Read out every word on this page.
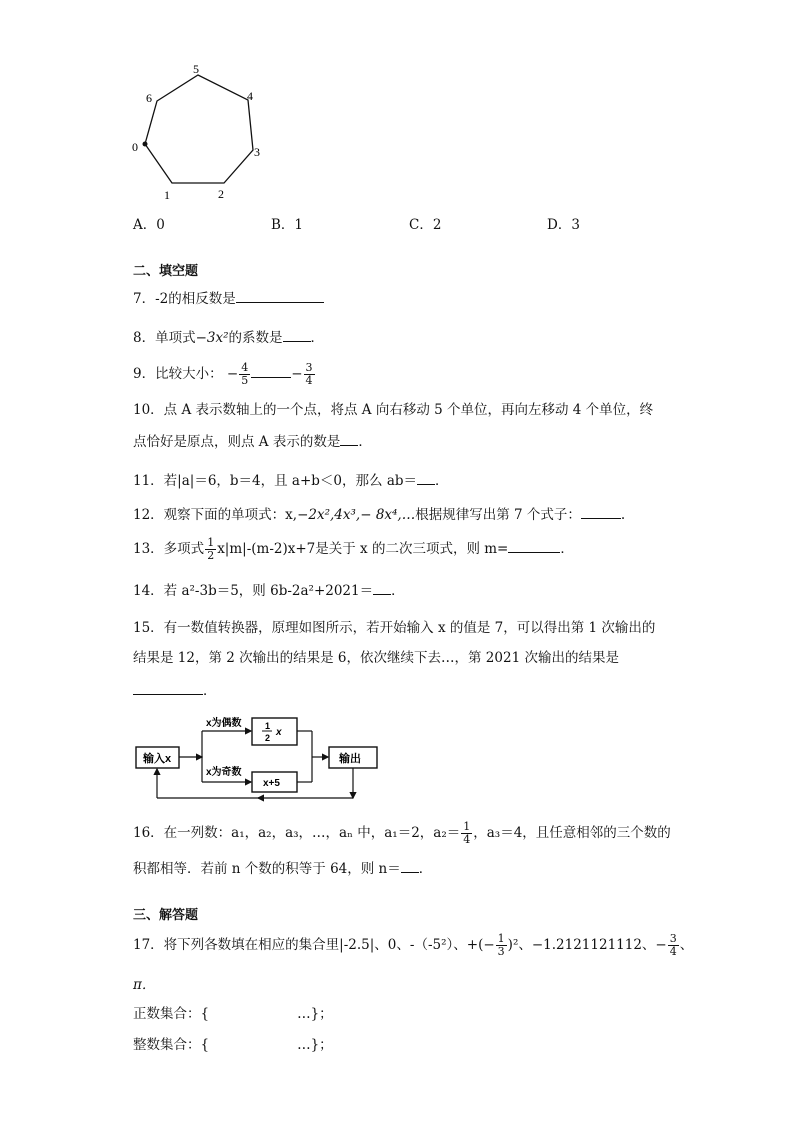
0
1	2
3
4
5
6
A．0	B．1	C．2	D．3
二、填空题
7．-2的相反数是
8．单项式−3x²的系数是 ．
9．比较大小： − $\frac{4}{5}$	− $\frac{3}{4}$
10．点 A 表示数轴上的一个点，将点 A 向右移动 5 个单位，再向左移动 4 个单位，终
点恰好是原点，则点 A 表示的数是 ．
11．若|a|＝6，b＝4，且 a+b＜0，那么 ab＝ ．
12．观察下面的单项式：x,−2x²,4x³,− 8x⁴,…根据规律写出第 7 个式子：	.
13．多项式 $\frac{1}{2} x|m|-(m-2)x+7$是关于 x 的二次三项式，则 m=	．
14．若 a²-3b＝5，则 6b-2a²+2021＝ ．
15．有一数值转换器，原理如图所示，若开始输入 x 的值是 7，可以得出第 1 次输出的
结果是 12，第 2 次输出的结果是 6，依次继续下去…，第 2021 次输出的结果是
．
输入x
1
2 x
x+5
输出
x为偶数
x为奇数
16．在一列数：a₁，a₂，a₃，…，aₙ 中，a₁＝2，$a_2= \frac{1}{4}$ ，a₃＝4，且任意相邻的三个数的
积都相等．若前 n 个数的积等于 64，则 n＝ ．
三、解答题
17．将下列各数填在相应的集合里|-2.5|、0、-（-5²）、+(− $\frac{1}{3} )^2$、−1.2121121112、− $\frac{3}{4}$ 、
π．
正数集合：{	…}；
整数集合：{	…}；
